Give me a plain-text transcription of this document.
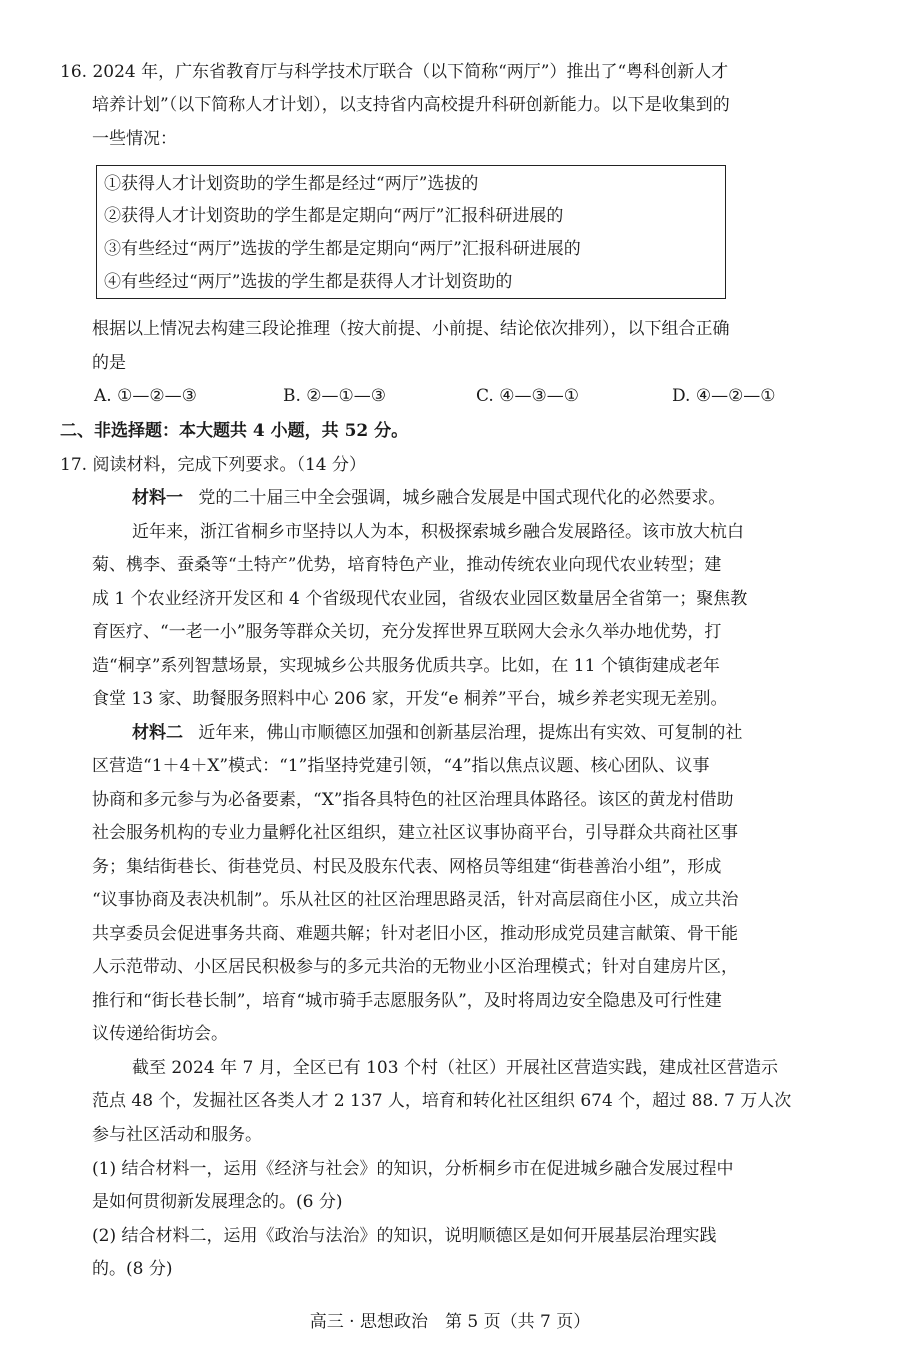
16. 2024 年，广东省教育厅与科学技术厅联合（以下简称“两厅”）推出了“粤科创新人才
培养计划”（以下简称人才计划），以支持省内高校提升科研创新能力。以下是收集到的
一些情况：
①获得人才计划资助的学生都是经过“两厅”选拔的
②获得人才计划资助的学生都是定期向“两厅”汇报科研进展的
③有些经过“两厅”选拔的学生都是定期向“两厅”汇报科研进展的
④有些经过“两厅”选拔的学生都是获得人才计划资助的
根据以上情况去构建三段论推理（按大前提、小前提、结论依次排列），以下组合正确
的是
A. ①—②—③	B. ②—①—③	C. ④—③—①	D. ④—②—①
二、非选择题：本大题共 4 小题，共 52 分。
17. 阅读材料，完成下列要求。（14 分）
材料一 党的二十届三中全会强调，城乡融合发展是中国式现代化的必然要求。
近年来，浙江省桐乡市坚持以人为本，积极探索城乡融合发展路径。该市放大杭白
菊、槜李、蚕桑等“土特产”优势，培育特色产业，推动传统农业向现代农业转型；建
成 1 个农业经济开发区和 4 个省级现代农业园，省级农业园区数量居全省第一；聚焦教
育医疗、“一老一小”服务等群众关切，充分发挥世界互联网大会永久举办地优势，打
造“桐享”系列智慧场景，实现城乡公共服务优质共享。比如，在 11 个镇街建成老年
食堂 13 家、助餐服务照料中心 206 家，开发“e 桐养”平台，城乡养老实现无差别。
材料二 近年来，佛山市顺德区加强和创新基层治理，提炼出有实效、可复制的社
区营造“1＋4＋X”模式：“1”指坚持党建引领，“4”指以焦点议题、核心团队、议事
协商和多元参与为必备要素，“X”指各具特色的社区治理具体路径。该区的黄龙村借助
社会服务机构的专业力量孵化社区组织，建立社区议事协商平台，引导群众共商社区事
务；集结街巷长、街巷党员、村民及股东代表、网格员等组建“街巷善治小组”，形成
“议事协商及表决机制”。乐从社区的社区治理思路灵活，针对高层商住小区，成立共治
共享委员会促进事务共商、难题共解；针对老旧小区，推动形成党员建言献策、骨干能
人示范带动、小区居民积极参与的多元共治的无物业小区治理模式；针对自建房片区，
推行和“街长巷长制”，培育“城市骑手志愿服务队”，及时将周边安全隐患及可行性建
议传递给街坊会。
截至 2024 年 7 月，全区已有 103 个村（社区）开展社区营造实践，建成社区营造示
范点 48 个，发掘社区各类人才 2 137 人，培育和转化社区组织 674 个，超过 88. 7 万人次
参与社区活动和服务。
(1) 结合材料一，运用《经济与社会》的知识，分析桐乡市在促进城乡融合发展过程中
是如何贯彻新发展理念的。(6 分)
(2) 结合材料二，运用《政治与法治》的知识，说明顺德区是如何开展基层治理实践
的。(8 分)
高三 · 思想政治　第 5 页（共 7 页）
